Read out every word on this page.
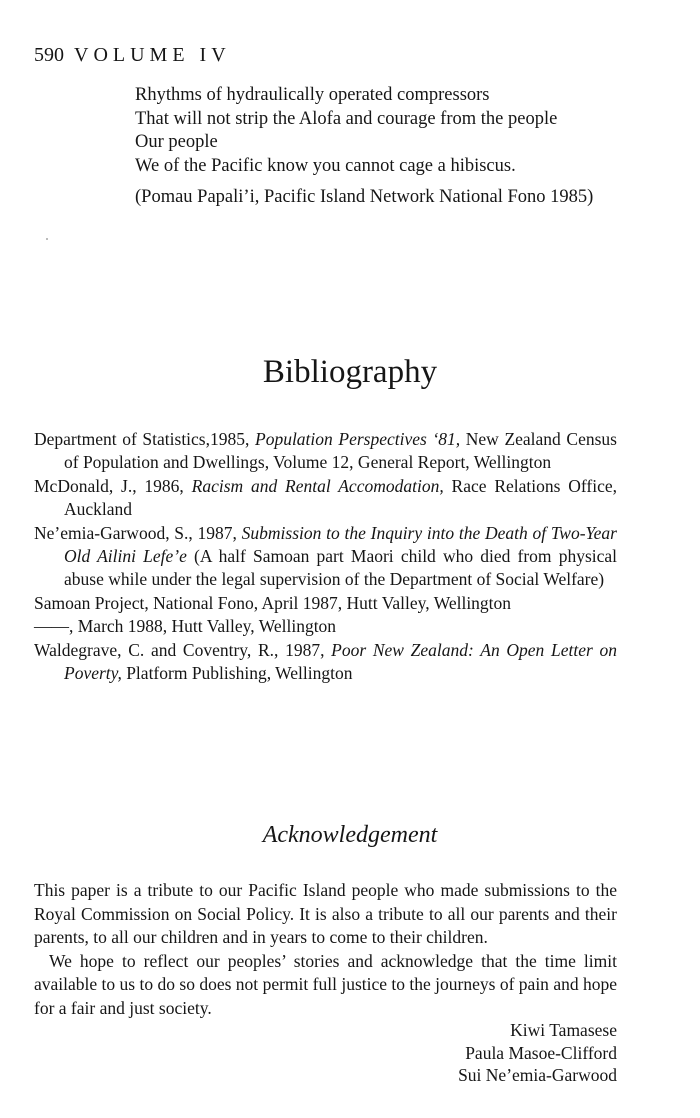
590 VOLUME IV
Rhythms of hydraulically operated compressors
That will not strip the Alofa and courage from the people
Our people
We of the Pacific know you cannot cage a hibiscus.
(Pomau Papali’i, Pacific Island Network National Fono 1985)
Bibliography
Department of Statistics,1985, Population Perspectives ‘81, New Zealand Census of Population and Dwellings, Volume 12, General Report, Wellington
McDonald, J., 1986, Racism and Rental Accomodation, Race Relations Office, Auckland
Ne’emia-Garwood, S., 1987, Submission to the Inquiry into the Death of Two-Year Old Ailini Lefe’e (A half Samoan part Maori child who died from physical abuse while under the legal supervision of the Department of Social Welfare)
Samoan Project, National Fono, April 1987, Hutt Valley, Wellington
——, March 1988, Hutt Valley, Wellington
Waldegrave, C. and Coventry, R., 1987, Poor New Zealand: An Open Letter on Poverty, Platform Publishing, Wellington
Acknowledgement

This paper is a tribute to our Pacific Island people who made submissions to the Royal Commission on Social Policy. It is also a tribute to all our parents and their parents, to all our children and in years to come to their children.

We hope to reflect our peoples’ stories and acknowledge that the time limit available to us to do so does not permit full justice to the journeys of pain and hope for a fair and just society.

Kiwi Tamasese
Paula Masoe-Clifford
Sui Ne’emia-Garwood
